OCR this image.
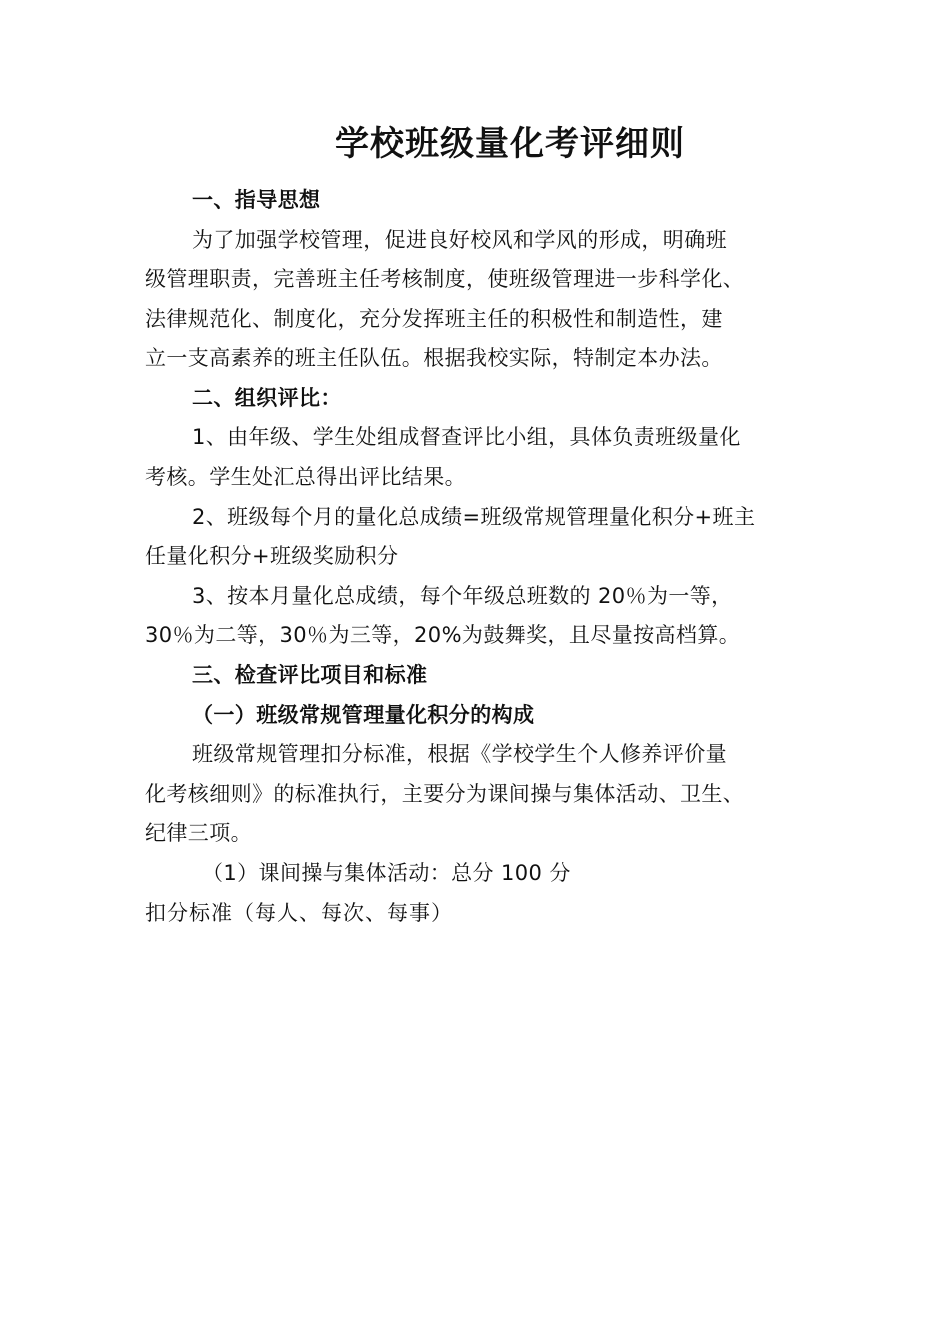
学校班级量化考评细则
一、指导思想
为了加强学校管理，促进良好校风和学风的形成，明确班
级管理职责，完善班主任考核制度，使班级管理进一步科学化、
法律规范化、制度化，充分发挥班主任的积极性和制造性，建
立一支高素养的班主任队伍。根据我校实际，特制定本办法。
二、组织评比：
1、由年级、学生处组成督查评比小组，具体负责班级量化
考核。学生处汇总得出评比结果。
2、班级每个月的量化总成绩=班级常规管理量化积分+班主
任量化积分+班级奖励积分
3、按本月量化总成绩，每个年级总班数的 20％为一等，
30％为二等，30％为三等，20%为鼓舞奖，且尽量按高档算。
三、检查评比项目和标准
（一）班级常规管理量化积分的构成
班级常规管理扣分标准，根据《学校学生个人修养评价量
化考核细则》的标准执行，主要分为课间操与集体活动、卫生、
纪律三项。
（1）课间操与集体活动：总分 100 分
扣分标准（每人、每次、每事）
